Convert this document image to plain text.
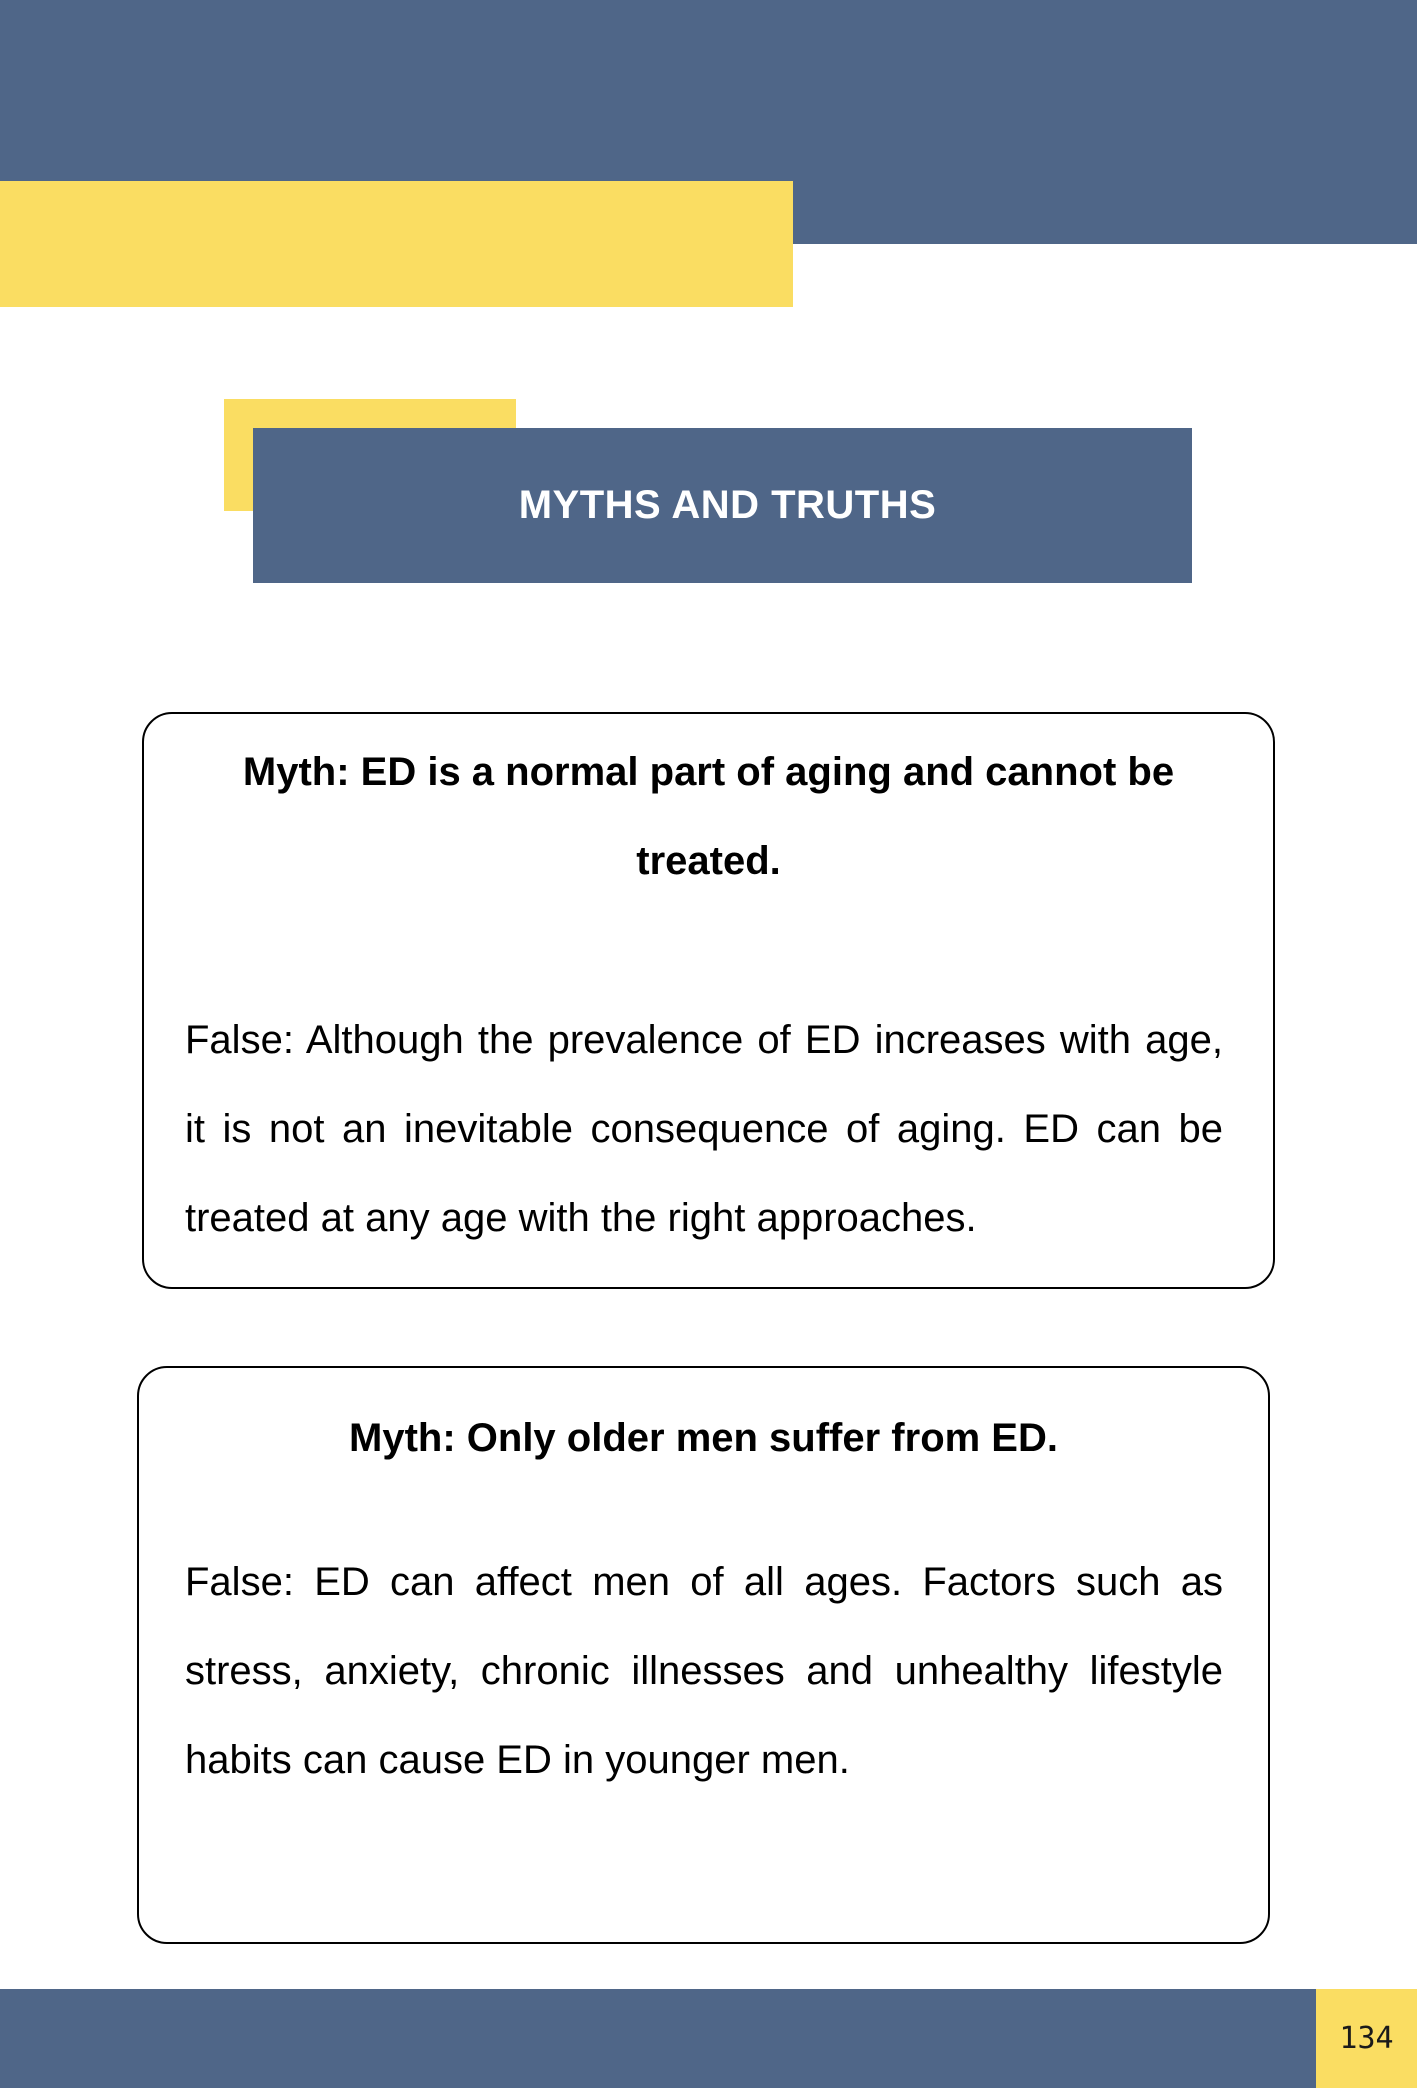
MYTHS AND TRUTHS

Myth: ED is a normal part of aging and cannot be treated.

False: Although the prevalence of ED increases with age, it is not an inevitable consequence of aging. ED can be treated at any age with the right approaches.

Myth: Only older men suffer from ED.

False: ED can affect men of all ages. Factors such as stress, anxiety, chronic illnesses and unhealthy lifestyle habits can cause ED in younger men.

134
